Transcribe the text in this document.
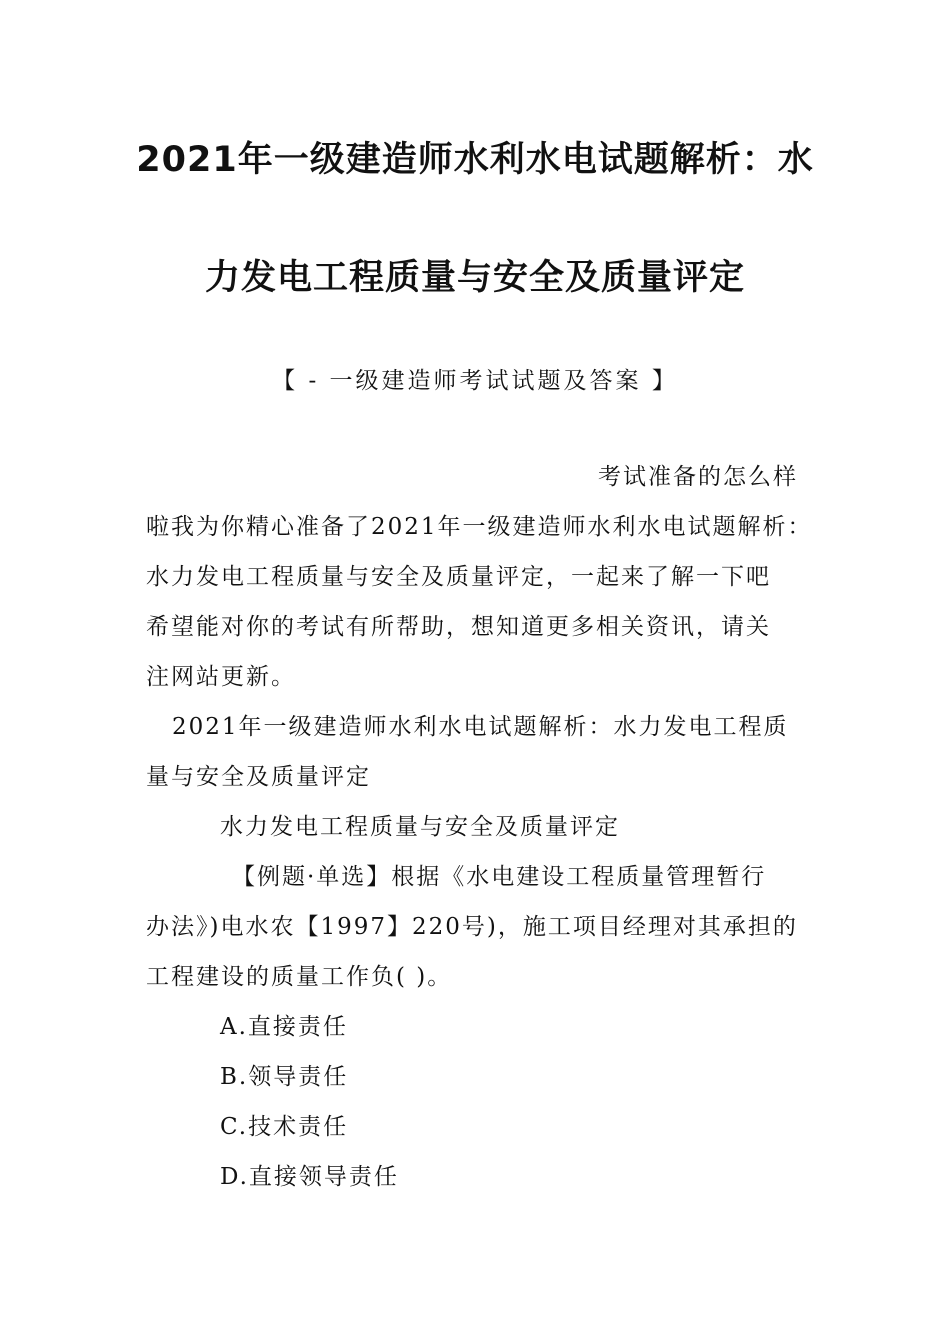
2021年一级建造师水利水电试题解析：水
力发电工程质量与安全及质量评定
【 - 一级建造师考试试题及答案 】
考试准备的怎么样
啦我为你精心准备了2021年一级建造师水利水电试题解析：
水力发电工程质量与安全及质量评定，一起来了解一下吧
希望能对你的考试有所帮助，想知道更多相关资讯，请关
注网站更新。
2021年一级建造师水利水电试题解析：水力发电工程质
量与安全及质量评定
水力发电工程质量与安全及质量评定
【例题·单选】根据《水电建设工程质量管理暂行
办法》)电水农【1997】220号)，施工项目经理对其承担的
工程建设的质量工作负( )。
A.直接责任
B.领导责任
C.技术责任
D.直接领导责任
